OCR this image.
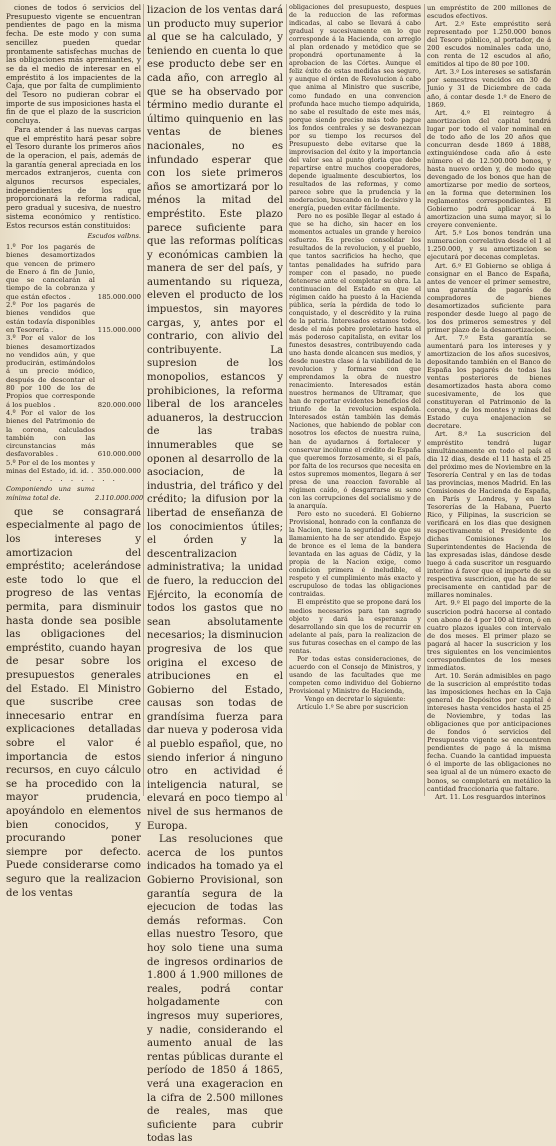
ciones de todos ó servicios del Presupuesto vigente se encuentran pendientes de pago en la misma fecha. De este modo y con suma sencillez pueden quedar prontamente satisfechas muchas de las obligaciones más apremiantes, y se da el medio de interesar en el empréstito á los impacientes de la Caja, que por falta de cumplimiento del Tesoro no pudieran cobrar el importe de sus imposiciones hasta el fin de que el plazo de la suscricion concluya.

Para atender á las nuevas cargas que el empréstito hará pesar sobre el Tesoro durante los primeros años de la operacion, el país, además de la garantía general apreciada en los mercados extranjeros, cuenta con algunos recursos especiales, independientes de los que proporcionará la reforma radical, pero gradual y sucesiva, de nuestro sistema económico y rentístico. Estos recursos están constituidos:

Escudos valbns.
1.º Por los pagarés de bienes desamortizados que vencen de primero de Enero á fin de Junio, que se cancelarán al tiempo de la cobranza y que están efectos .	185.000.000
2.º Por los pagarés de bienes vendidos que están todavía disponibles en Tesorería .	115.000.000
3.º Por el valor de los bienes desamortizados no vendidos aún, y que producirán, estimándolos á un precio módico, después de descontar el 80 por 100 de los de Propios que corresponde á los pueblos .	820.000.000
4.º Por el valor de los bienes del Patrimonio de la corona, calculados también con las circunstancias más desfavorables .	610.000.000
5.º Por el de los montes y minas del Estado, id. id. . 350.000.000
. . . . . . . . .
Componiendo una suma mínima total de.	2.110.000.000

que se consagrará especialmente al pago de los intereses y amortizacion del empréstito; acelerándose este todo lo que el progreso de las ventas permita, para disminuir hasta donde sea posible las obligaciones del empréstito, cuando hayan de pesar sobre los presupuestos generales del Estado. El Ministro que suscribe cree innecesario entrar en explicaciones detalladas sobre el valor é importancia de estos recursos, en cuyo cálculo se ha procedido con la mayor prudencia, apoyándolo en elementos bien conocidos, y procurando poner siempre por defecto. Puede considerarse como seguro que la realizacion de los ventas

lizacion de los ventas dará un producto muy superior al que se ha calculado, y teniendo en cuenta lo que ese producto debe ser en cada año, con arreglo al que se ha observado por término medio durante el último quinquenio en las ventas de bienes nacionales, no es infundado esperar que con los siete primeros años se amortizará por lo ménos la mitad del empréstito. Este plazo parece suficiente para que las reformas políticas y económicas cambien la manera de ser del país, y aumentando su riqueza, eleven el producto de los impuestos, sin mayores cargas, y, antes por el contrario, con alivio del contribuyente. La supresion de los monopolios, estancos y prohibiciones, la reforma liberal de los aranceles aduaneros, la destruccion de las trabas innumerables que se oponen al desarrollo de la asociacion, de la industria, del tráfico y del crédito; la difusion por la libertad de enseñanza de los conocimientos útiles; el órden y la descentralizacion administrativa; la unidad de fuero, la reduccion del Ejército, la economía de todos los gastos que no sean absolutamente necesarios; la disminucion progresiva de los que origina el exceso de atribuciones en el Gobierno del Estado, causas son todas de grandísima fuerza para dar nueva y poderosa vida al pueblo español, que, no siendo inferior á ninguno otro en actividad é inteligencia natural, se elevará en poco tiempo al nivel de sus hermanos de Europa.

Las resoluciones que acerca de los puntos indicados ha tomado ya el Gobierno Provisional, son garantía segura de la ejecucion de todas las demás reformas. Con ellas nuestro Tesoro, que hoy solo tiene una suma de ingresos ordinarios de 1.800 á 1.900 millones de reales, podrá contar holgadamente con ingresos muy superiores, y nadie, considerando el aumento anual de las rentas públicas durante el período de 1850 á 1865, verá una exageracion en la cifra de 2.500 millones de reales, mas que suficiente para cubrir todas las

obligaciones del presupuesto, despues de la reduccion de las reformas indicadas, al cabo se llevará á cabo gradual y sucesivamente en lo que corresponde á la Hacienda, con arreglo al plan ordenado y metódico que se propondrá oportunamente á la aprobacion de las Córtes. Aunque el feliz éxito de estas medidas sea seguro, y aunque el órden de Revolucion á cabo que anima al Ministro que suscribe, como fundado en una convencion profunda hace mucho tiempo adquirida, no sabe el resultado de este mes más, porque siendo preciso más todo pague los fondos centrales y se desvanezcan por su tiempo los recursos del Presupuesto debe evitarse que la improvisacion del éxito y la importancia del valor sea al punto gloria que debe repartirse entre muchos cooperadores, depende igualmente descubiertos, los resultados de las reformas, y como parece sobre que la prudencia y la moderacion, buscando en lo decisivo y la energía, pueden evitar fácilmente.

Pero no es posible llegar al estado á que se ha dicho, sin hacer en los momentos actuales un grande y heroico esfuerzo. Es preciso consolidar los resultados de la revolucion, y el pueblo, que tantos sacrificios ha hecho, que tantas penalidades ha sufrido para romper con el pasado, no puede detenerse ante el completar su obra. La continuacion del Estado en que el régimen caído ha puesto á la Hacienda pública, sería la pérdida de todo lo conquistado, y el descrédito y la ruina de la patria. Interesados estamos todos, desde el más pobre proletario hasta el más poderoso capitalista, en evitar los funestos desastres, contribuyendo cada uno hasta donde alcancen sus medios, y desde nuestra clase á la viabilidad de la revolucion y formarse con que emprendamos la obra de nuestro renacimiento. Interesados están nuestros hermanos de Ultramar, que han de reportar evidentes beneficios del triunfo de la revolucion española. Interesados están también las demás Naciones, que habiendo de poblar con nosotros los efectos de nuestra ruina, han de ayudarnos á fortalecer y conservar incólume el crédito de España que queremos forzosamente, si el país, por falta de los recursos que necesita en estos supremos momentos, llegara á ser presa de una reaccion favorable al régimen caído, ó desgarrarse su seno con las corrupciones del socialismo y de la anarquía.

Pero esto no sucederá. El Gobierno Provisional, honrado con la confianza de la Nacion, tiene la seguridad de que su llamamiento ha de ser atendido. Espejo de bronce es el lema de la bandera levantada en las aguas de Cádiz, y la propia de la Nacion exige, como condicion primera é ineludible, el respeto y el cumplimiento más exacto y escrupuloso de todas las obligaciones contraidas.

El empréstito que se propone dará los medios necesarios para tan sagrado objeto y dará la esperanza y desarrollando sin que los de recurrir en adelante al país, para la realizacion de sus futuras cosechas en el campo de las rentas.

Por todas estas consideraciones, de acuerdo con el Consejo de Ministros, y usando de las facultades que me competen como individuo del Gobierno Provisional y Ministro de Hacienda,

Vengo en decretar lo siguiente:

Artículo 1.º Se abre por suscricion

un empréstito de 200 millones de escudos efectivos.

Art. 2.º Este empréstito será representado por 1.250.000 bonos del Tesoro público, al portador, de á 200 escudos nominales cada uno, con renta de 12 escudos al año, emitidos al tipo de 80 por 100.

Art. 3.º Los intereses se satisfarán por semestres vencidos en 30 de Junio y 31 de Diciembre de cada año, á contar desde 1.º de Enero de 1869.

Art. 4.º El reintegro á amortizacion del capital tendrá lugar por todo el valor nominal en de todo año de los 20 años que concurran desde 1869 á 1888, extinguiéndose cada año á este número el de 12.500.000 bonos, y hasta nuevo orden y, de modo que devengado de los bonos que han de amortizarse por medio de sorteos, en la forma que determinen los reglamentos correspondientes. El Gobierno podrá aplicar á la amortizacion una suma mayor, si lo creyere conveniente.

Art. 5.º Los bonos tendrán una numeracion correlativa desde el 1 al 1.250.000, y su amortizacion se ejecutará por decenas completas.

Art. 6.º El Gobierno se obliga á consignar en el Banco de España, antes de vencer el primer semestre, una garantía de pagarés de compradores de bienes desamortizados suficiente para responder desde luego al pago de los dos primeros semestres y del primer plazo de la desamortizacion.

Art. 7.º Esta garantía se aumentará para los intereses y y amortizacion de los años sucesivos, depositando también en el Banco de España los pagarés de todas las ventas posteriores de bienes desamortizados hasta abora como sucesivamente, de los que constituyeran el Patrimonio de la corona, y de los montes y minas del Estado cuya enajenacion se decretare.

Art. 8.º La suscricion del empréstito tendrá lugar simultáneamente en todo el país el dia 12 dias, desde el 11 hasta el 25 del próximo mes de Noviembre en la Tesorería Central y en las de todas las provincias, menos Madrid. En las Comisiones de Hacienda de España, en París y Londres, y en las Tesorerías de la Habana, Puerto Rico, y Filipinas, la suscricion se verificará en los dias que designen respectivamente el Presidente de dichas Comisiones y los Superintendentes de Hacienda de las expresadas islas, dándose desde luego á cada suscritor un resguardo interino á favor que el importe de su respectiva suscricion, que ha de ser precisamente en cantidad par de millares nominales.

Art. 9.º El pago del importe de la suscricion podrá hacerse al contado con abono de 4 por 100 al tiron, ó en cuatro plazos iguales con intervalo de dos meses. El primer plazo se pagará al hacer la suscricion y los tres siguientes en los vencimientos correspondientes de los meses inmediatos.

Art. 10. Serán admisibles en pago de la suscricion al empréstito todas las imposiciones hechas en la Caja general de Depósitos por capital é intereses hasta vencidos hasta el 25 de Noviembre, y todas las obligaciones que por anticipaciones de fondos ó servicios del Presupuesto vigente se encuentren pendientes de pago á la misma fecha. Cuando la cantidad impuesta ó el importe de las obligaciones no sea igual al de un número exacto de bonos, se completará en metálico la cantidad fraccionaria que faltare.

Art. 11. Los resguardos interinos
